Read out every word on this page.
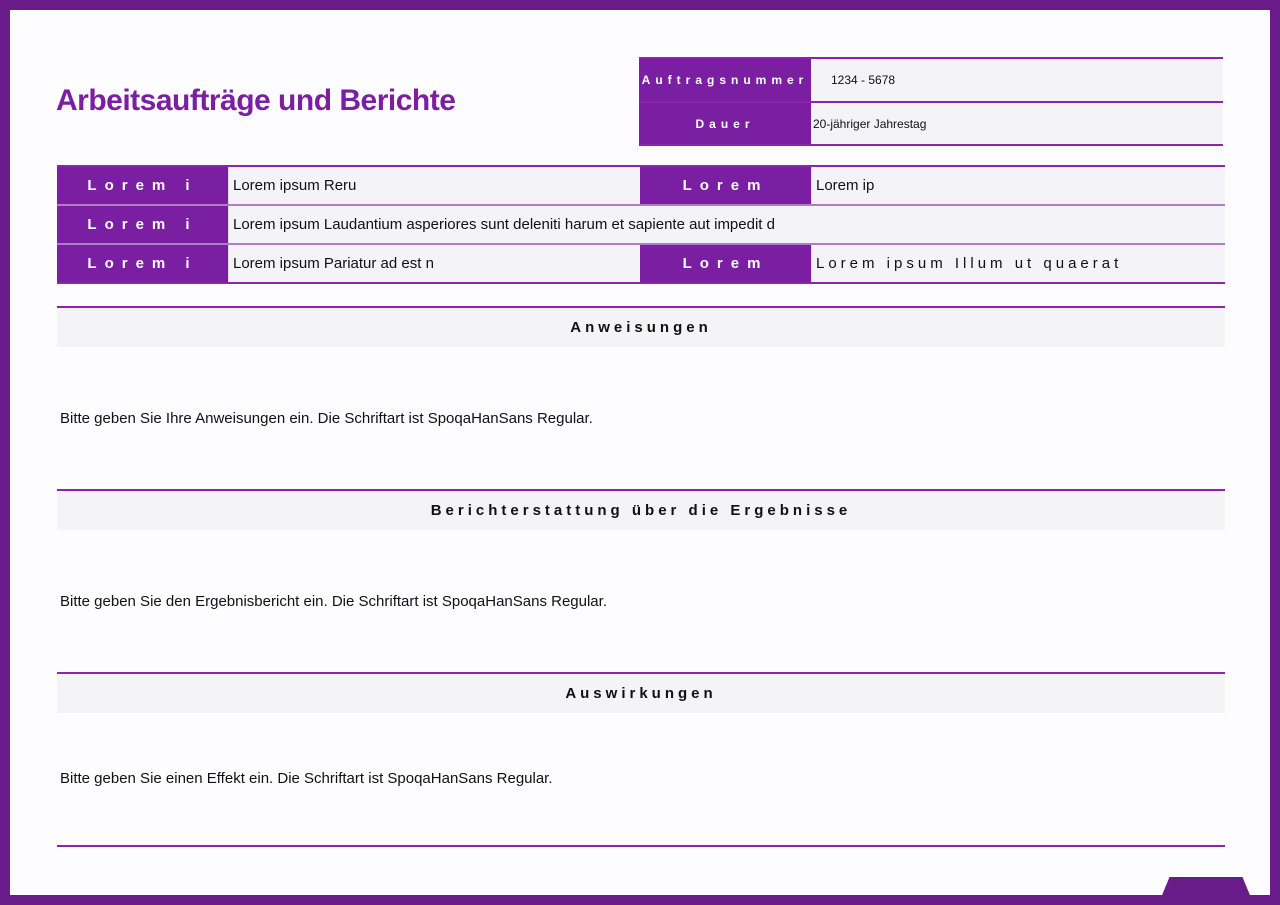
Arbeitsaufträge und Berichte
Auftragsnummer	1234 - 5678
Dauer	20-jähriger Jahrestag
Lorem i	Lorem ipsum Reru	Lorem	Lorem ip
Lorem i	Lorem ipsum Laudantium asperiores sunt deleniti harum et sapiente aut impedit d
Lorem i	Lorem ipsum Pariatur ad est n	Lorem	Lorem ipsum Illum ut quaerat
Anweisungen
Bitte geben Sie Ihre Anweisungen ein. Die Schriftart ist SpoqaHanSans Regular.
Berichterstattung über die Ergebnisse
Bitte geben Sie den Ergebnisbericht ein. Die Schriftart ist SpoqaHanSans Regular.
Auswirkungen
Bitte geben Sie einen Effekt ein. Die Schriftart ist SpoqaHanSans Regular.
